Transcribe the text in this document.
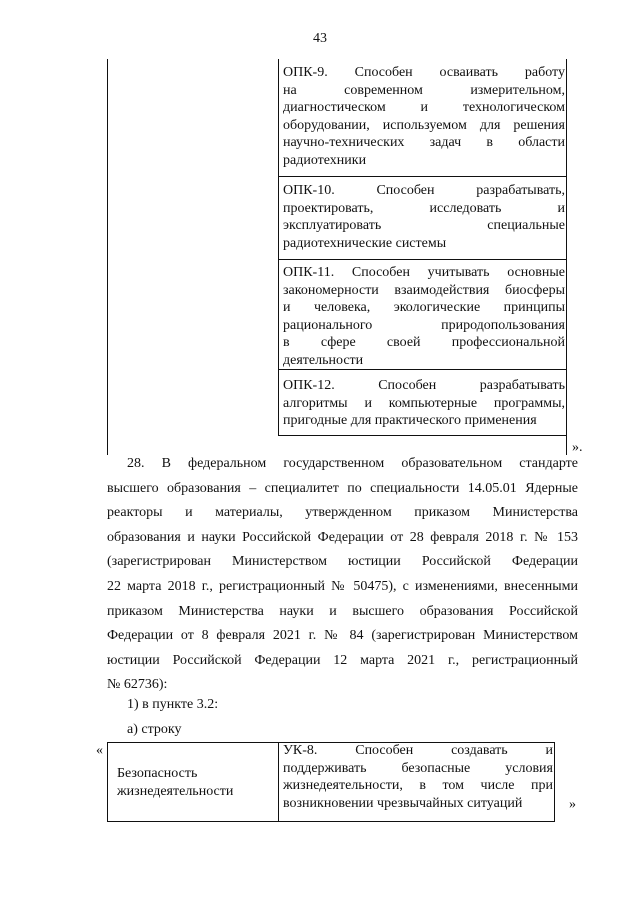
43
ОПК-9. Способен осваивать работу
на современном измерительном,
диагностическом и технологическом
оборудовании, используемом для решения
научно-технических задач в области
радиотехники
ОПК-10. Способен разрабатывать,
проектировать, исследовать и
эксплуатировать специальные
радиотехнические системы
ОПК-11. Способен учитывать основные
закономерности взаимодействия биосферы
и человека, экологические принципы
рационального природопользования
в сфере своей профессиональной
деятельности
ОПК-12. Способен разрабатывать
алгоритмы и компьютерные программы,
пригодные для практического применения
».
28. В федеральном государственном образовательном стандарте
высшего образования – специалитет по специальности 14.05.01 Ядерные
реакторы и материалы, утвержденном приказом Министерства
образования и науки Российской Федерации от 28 февраля 2018 г. № 153
(зарегистрирован Министерством юстиции Российской Федерации
22 марта 2018 г., регистрационный № 50475), с изменениями, внесенными
приказом Министерства науки и высшего образования Российской
Федерации от 8 февраля 2021 г. № 84 (зарегистрирован Министерством
юстиции Российской Федерации 12 марта 2021 г., регистрационный
№ 62736):
1) в пункте 3.2:
а) строку
«
Безопасность
жизнедеятельности
УК-8. Способен создавать и
поддерживать безопасные условия
жизнедеятельности, в том числе при
возникновении чрезвычайных ситуаций	»
